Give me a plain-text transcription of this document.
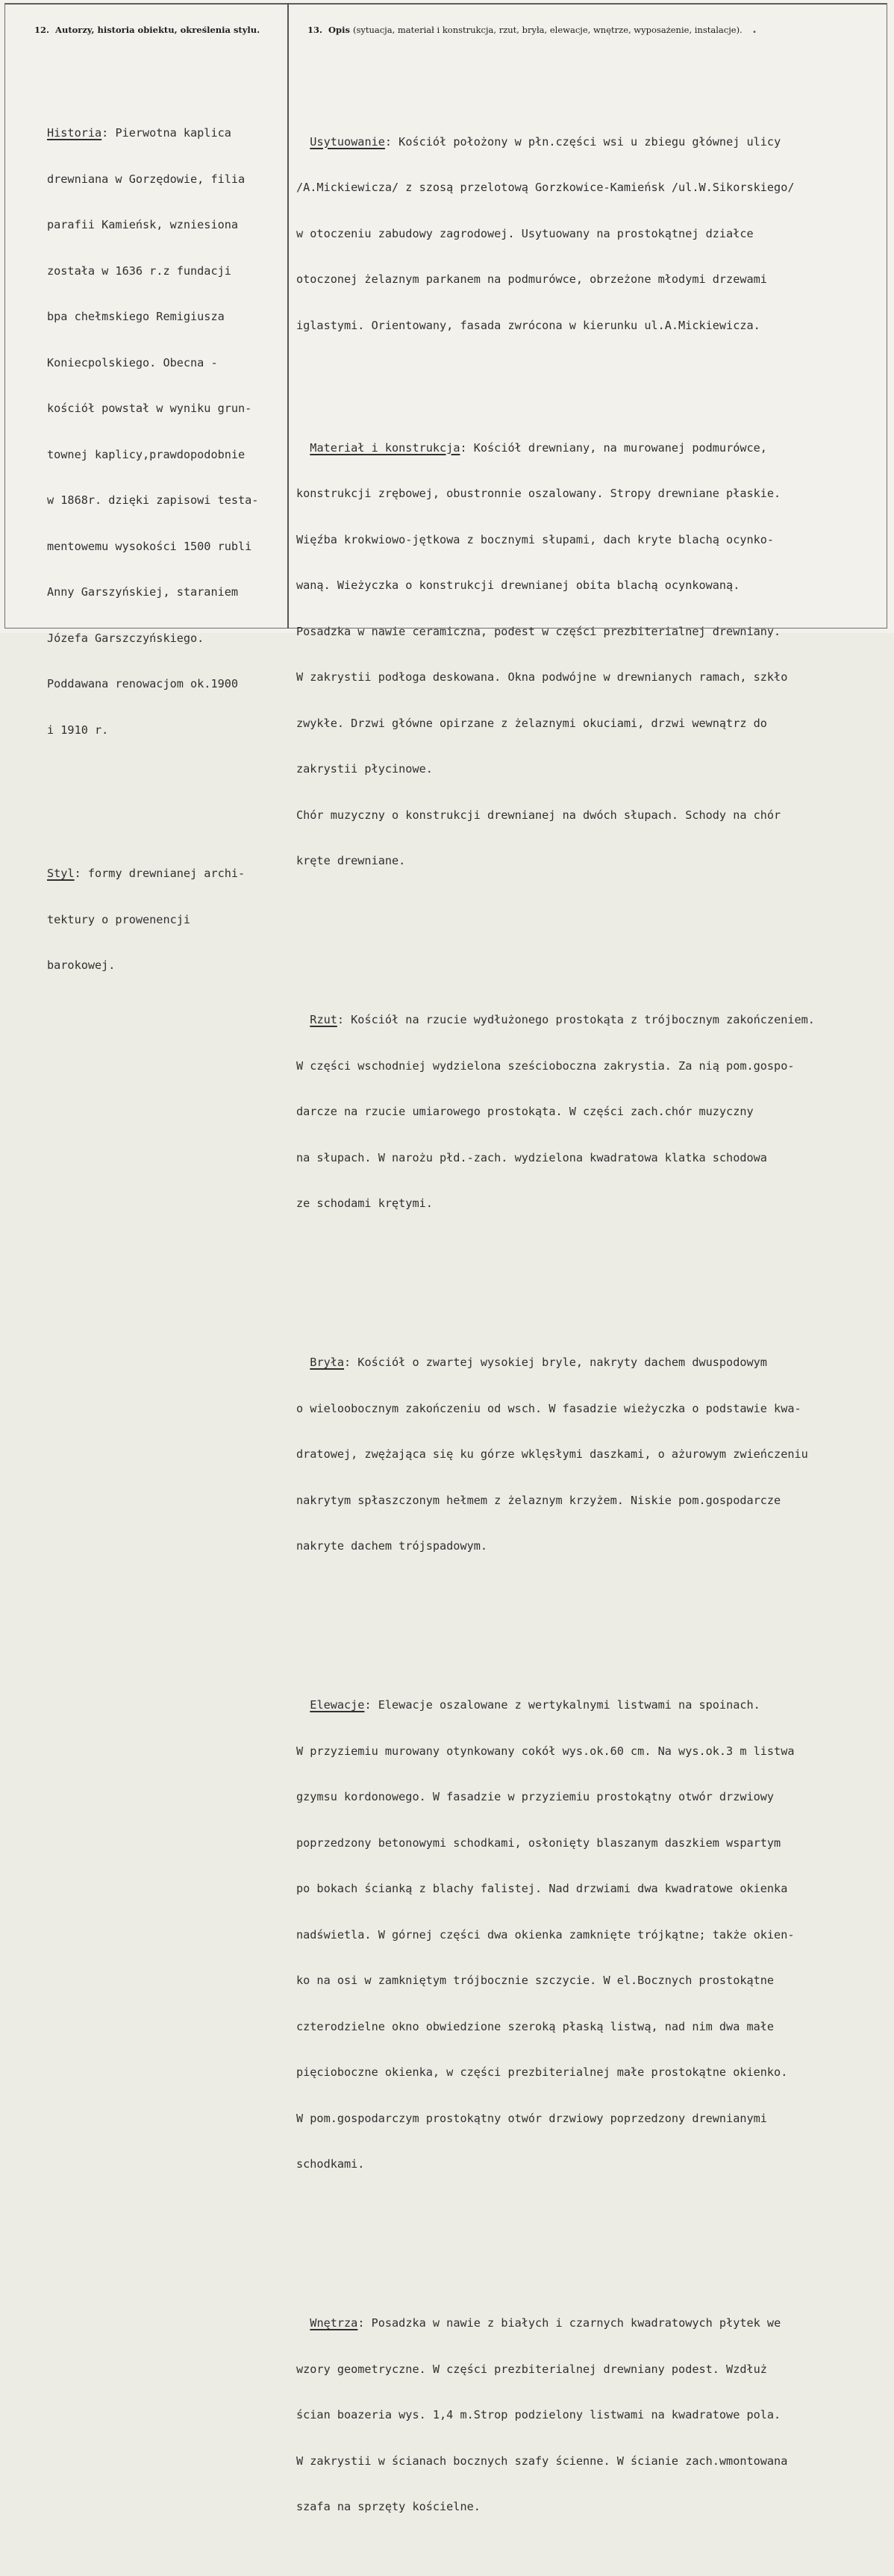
12. Autorzy, historia obiektu, określenia stylu.	13. Opis (sytuacja, materiał i konstrukcja, rzut, bryła, elewacje, wnętrze, wyposażenie, instalacje). •

Historia: Pierwotna kaplica

drewniana w Gorzędowie, filia

parafii Kamieńsk, wzniesiona

została w 1636 r.z fundacji

bpa chełmskiego Remigiusza

Koniecpolskiego. Obecna -

kościół powstał w wyniku grun-

townej kaplicy,prawdopodobnie

w 1868r. dzięki zapisowi testa-

mentowemu wysokości 1500 rubli

Anny Garszyńskiej, staraniem

Józefa Garszczyńskiego.

Poddawana renowacjom ok.1900

i 1910 r.

Styl: formy drewnianej archi-

tektury o prowenencji

barokowej.

Usytuowanie: Kościół położony w płn.części wsi u zbiegu głównej ulicy

/A.Mickiewicza/ z szosą przelotową Gorzkowice-Kamieńsk /ul.W.Sikorskiego/

w otoczeniu zabudowy zagrodowej. Usytuowany na prostokątnej działce

otoczonej żelaznym parkanem na podmurówce, obrzeżone młodymi drzewami

iglastymi. Orientowany, fasada zwrócona w kierunku ul.A.Mickiewicza.

Materiał i konstrukcja: Kościół drewniany, na murowanej podmurówce,

konstrukcji zrębowej, obustronnie oszalowany. Stropy drewniane płaskie.

Więźba krokwiowo-jętkowa z bocznymi słupami, dach kryte blachą ocynko-

waną. Wieżyczka o konstrukcji drewnianej obita blachą ocynkowaną.

Posadzka w nawie ceramiczna, podest w części prezbiterialnej drewniany.

W zakrystii podłoga deskowana. Okna podwójne w drewnianych ramach, szkło

zwykłe. Drzwi główne opirzane z żelaznymi okuciami, drzwi wewnątrz do

zakrystii płycinowe.

Chór muzyczny o konstrukcji drewnianej na dwóch słupach. Schody na chór

kręte drewniane.

Rzut: Kościół na rzucie wydłużonego prostokąta z trójbocznym zakończeniem.

W części wschodniej wydzielona sześcioboczna zakrystia. Za nią pom.gospo-

darcze na rzucie umiarowego prostokąta. W części zach.chór muzyczny

na słupach. W narożu płd.-zach. wydzielona kwadratowa klatka schodowa

ze schodami krętymi.

Bryła: Kościół o zwartej wysokiej bryle, nakryty dachem dwuspodowym

o wieloobocznym zakończeniu od wsch. W fasadzie wieżyczka o podstawie kwa-

dratowej, zwężająca się ku górze wklęsłymi daszkami, o ażurowym zwieńczeniu

nakrytym spłaszczonym hełmem z żelaznym krzyżem. Niskie pom.gospodarcze

nakryte dachem trójspadowym.

Elewacje: Elewacje oszalowane z wertykalnymi listwami na spoinach.

W przyziemiu murowany otynkowany cokół wys.ok.60 cm. Na wys.ok.3 m listwa

gzymsu kordonowego. W fasadzie w przyziemiu prostokątny otwór drzwiowy

poprzedzony betonowymi schodkami, osłonięty blaszanym daszkiem wspartym

po bokach ścianką z blachy falistej. Nad drzwiami dwa kwadratowe okienka

nadświetla. W górnej części dwa okienka zamknięte trójkątne; także okien-

ko na osi w zamkniętym trójbocznie szczycie. W el.Bocznych prostokątne

czterodzielne okno obwiedzione szeroką płaską listwą, nad nim dwa małe

pięcioboczne okienka, w części prezbiterialnej małe prostokątne okienko.

W pom.gospodarczym prostokątny otwór drzwiowy poprzedzony drewnianymi

schodkami.

Wnętrza: Posadzka w nawie z białych i czarnych kwadratowych płytek we

wzory geometryczne. W części prezbiterialnej drewniany podest. Wzdłuż

ścian boazeria wys. 1,4 m.Strop podzielony listwami na kwadratowe pola.

W zakrystii w ścianach bocznych szafy ścienne. W ścianie zach.wmontowana

szafa na sprzęty kościelne.
